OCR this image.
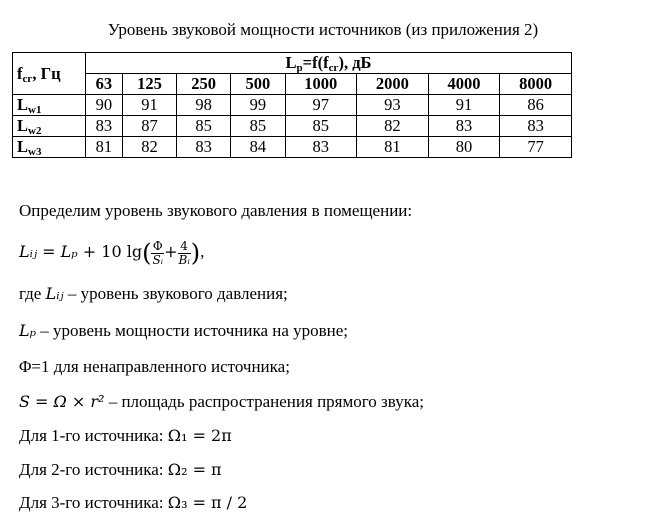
Уровень звуковой мощности источников (из приложения 2)
$f_{сг}$, Гц	$L_p=f(f_{сг})$, дБ							
	63	125	250	500	1000	2000	4000	8000
$L_{w1}$	90	91	98	99	97	93	91	86
$L_{w2}$	83	87	85	85	85	82	83	83
$L_{w3}$	81	82	83	84	83	81	80	77
Определим уровень звукового давления в помещении:
Lᵢⱼ = Lₚ + 10 $\lg( \frac{\Phi}{\text{Sᵢ}} + \frac{4}{\text{Bᵢ}}$ ),
где Lᵢⱼ – уровень звукового давления;
Lₚ – уровень мощности источника на уровне;
Φ=1 для ненаправленного источника;
S = Ω × r² – площадь распространения прямого звука;
Для 1-го источника: Ω₁ = 2π
Для 2-го источника: Ω₂ = π
Для 3-го источника: Ω₃ = π / 2
